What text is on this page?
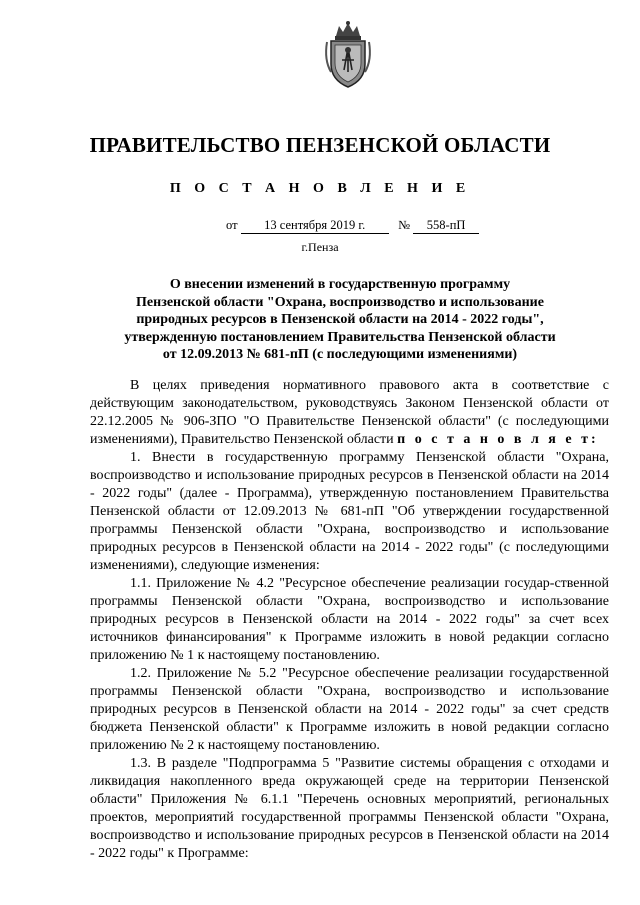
ПРАВИТЕЛЬСТВО ПЕНЗЕНСКОЙ ОБЛАСТИ
П О С Т А Н О В Л Е Н И Е
от 13 сентября 2019 г.	№ 558-пП
г.Пенза
О внесении изменений в государственную программу
Пензенской области "Охрана, воспроизводство и использование
природных ресурсов в Пензенской области на 2014 - 2022 годы",
утвержденную постановлением Правительства Пензенской области
от 12.09.2013 № 681-пП (с последующими изменениями)

В целях приведения нормативного правового акта в соответствие с действующим законодательством, руководствуясь Законом Пензенской области от 22.12.2005 № 906-ЗПО "О Правительстве Пензенской области" (с последующими изменениями), Правительство Пензенской области п о с т а н о в л я е т:

1. Внести в государственную программу Пензенской области "Охрана, воспроизводство и использование природных ресурсов в Пензенской области на 2014 - 2022 годы" (далее - Программа), утвержденную постановлением Правительства Пензенской области от 12.09.2013 № 681-пП "Об утверждении государственной программы Пензенской области "Охрана, воспроизводство и использование природных ресурсов в Пензенской области на 2014 - 2022 годы" (с последующими изменениями), следующие изменения:

1.1. Приложение № 4.2 "Ресурсное обеспечение реализации государ-ственной программы Пензенской области "Охрана, воспроизводство и использование природных ресурсов в Пензенской области на 2014 - 2022 годы" за счет всех источников финансирования" к Программе изложить в новой редакции согласно приложению № 1 к настоящему постановлению.

1.2. Приложение № 5.2 "Ресурсное обеспечение реализации государственной программы Пензенской области "Охрана, воспроизводство и использование природных ресурсов в Пензенской области на 2014 - 2022 годы" за счет средств бюджета Пензенской области" к Программе изложить в новой редакции согласно приложению № 2 к настоящему постановлению.

1.3. В разделе "Подпрограмма 5 "Развитие системы обращения с отходами и ликвидация накопленного вреда окружающей среде на территории Пензенской области" Приложения № 6.1.1 "Перечень основных мероприятий, региональных проектов, мероприятий государственной программы Пензенской области "Охрана, воспроизводство и использование природных ресурсов в Пензенской области на 2014 - 2022 годы" к Программе:
